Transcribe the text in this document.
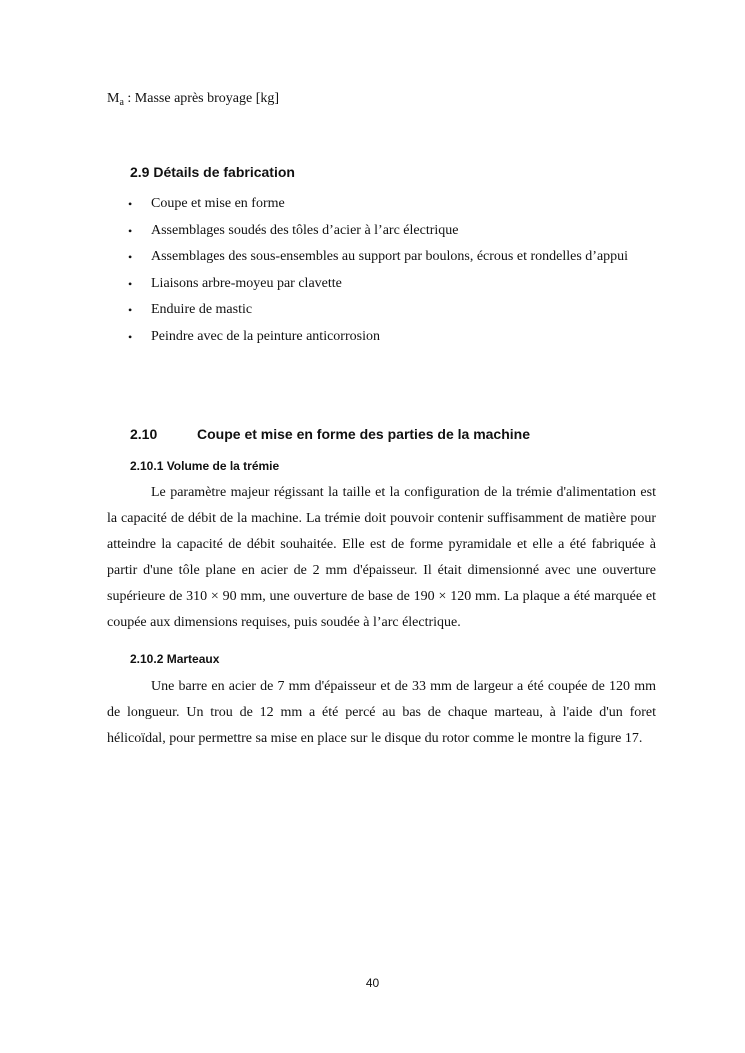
$M_a$ : Masse après broyage [kg]
2.9 Détails de fabrication
• Coupe et mise en forme
• Assemblages soudés des tôles d’acier à l’arc électrique
• Assemblages des sous-ensembles au support par boulons, écrous et rondelles d’appui
• Liaisons arbre-moyeu par clavette
• Enduire de mastic
• Peindre avec de la peinture anticorrosion
2.10	Coupe et mise en forme des parties de la machine
2.10.1 Volume de la trémie

Le paramètre majeur régissant la taille et la configuration de la trémie d'alimentation est la capacité de débit de la machine. La trémie doit pouvoir contenir suffisamment de matière pour atteindre la capacité de débit souhaitée. Elle est de forme pyramidale et elle a été fabriquée à partir d'une tôle plane en acier de 2 mm d'épaisseur. Il était dimensionné avec une ouverture supérieure de 310 × 90 mm, une ouverture de base de 190 × 120 mm. La plaque a été marquée et coupée aux dimensions requises, puis soudée à l’arc électrique.

2.10.2 Marteaux

Une barre en acier de 7 mm d'épaisseur et de 33 mm de largeur a été coupée de 120 mm de longueur. Un trou de 12 mm a été percé au bas de chaque marteau, à l'aide d'un foret hélicoïdal, pour permettre sa mise en place sur le disque du rotor comme le montre la figure 17.

40
